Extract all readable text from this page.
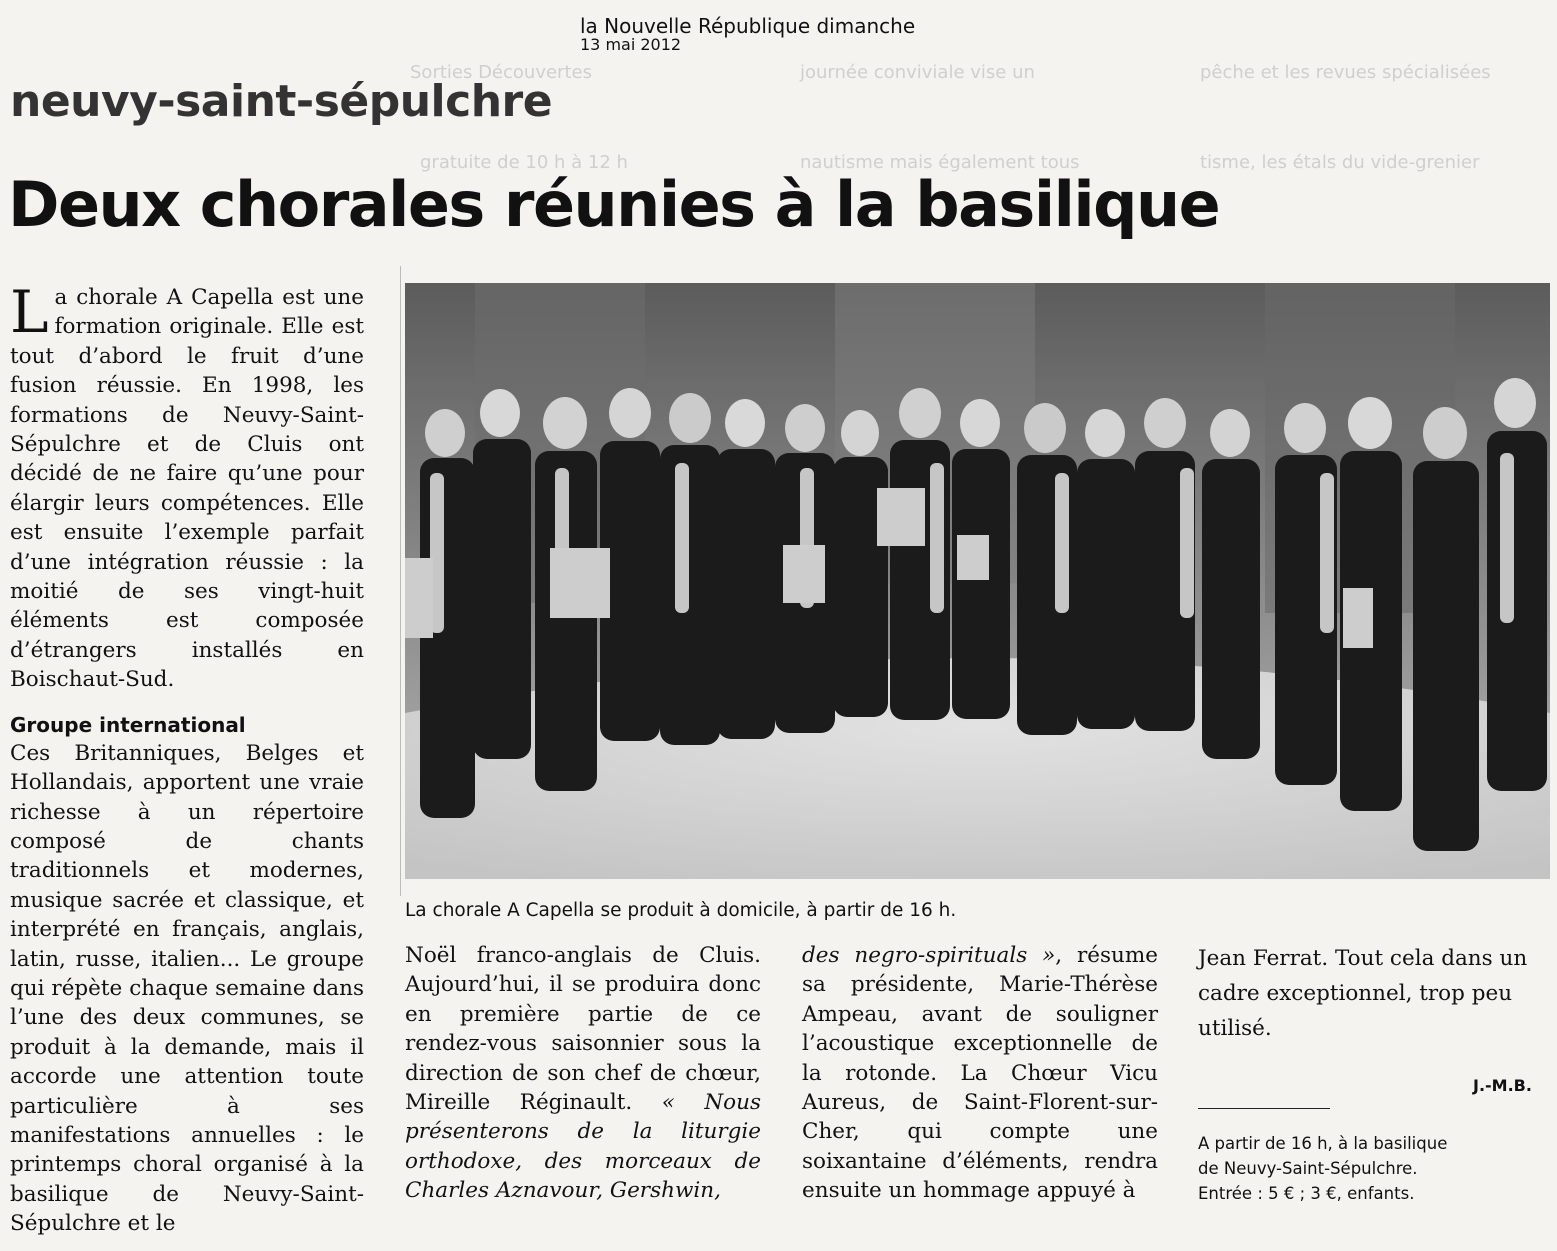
Sorties Découvertes
gratuite de 10 h à 12 h
journée conviviale vise un
nautisme mais également tous
pêche et les revues spécialisées
tisme, les étals du vide-grenier
la Nouvelle République dimanche
13 mai 2012
neuvy-saint-sépulchre
Deux chorales réunies à la basilique

La chorale A Capella est une formation originale. Elle est tout d’abord le fruit d’une fusion réussie. En 1998, les formations de Neuvy-Saint-Sépulchre et de Cluis ont décidé de ne faire qu’une pour élargir leurs compétences. Elle est ensuite l’exemple parfait d’une intégration réussie : la moitié de ses vingt-huit éléments est composée d’étrangers installés en Boischaut-Sud.

Groupe international

Ces Britanniques, Belges et Hollandais, apportent une vraie richesse à un répertoire composé de chants traditionnels et modernes, musique sacrée et classique, et interprété en français, anglais, latin, russe, italien... Le groupe qui répète chaque semaine dans l’une des deux communes, se produit à la demande, mais il accorde une attention toute particulière à ses manifestations annuelles : le printemps choral organisé à la basilique de Neuvy-Saint-Sépulchre et le

La chorale A Capella se produit à domicile, à partir de 16 h.

Noël franco-anglais de Cluis. Aujourd’hui, il se produira donc en première partie de ce rendez-vous saisonnier sous la direction de son chef de chœur, Mireille Réginault. « Nous présenterons de la liturgie orthodoxe, des morceaux de Charles Aznavour, Gershwin,

des negro-spirituals », résume sa présidente, Marie-Thérèse Ampeau, avant de souligner l’acoustique exceptionnelle de la rotonde. La Chœur Vicu Aureus, de Saint-Florent-sur-Cher, qui compte une soixantaine d’éléments, rendra ensuite un hommage appuyé à

Jean Ferrat. Tout cela dans un cadre exceptionnel, trop peu utilisé.

J.-M.B.
A partir de 16 h, à la basilique
de Neuvy-Saint-Sépulchre.
Entrée : 5 € ; 3 €, enfants.
